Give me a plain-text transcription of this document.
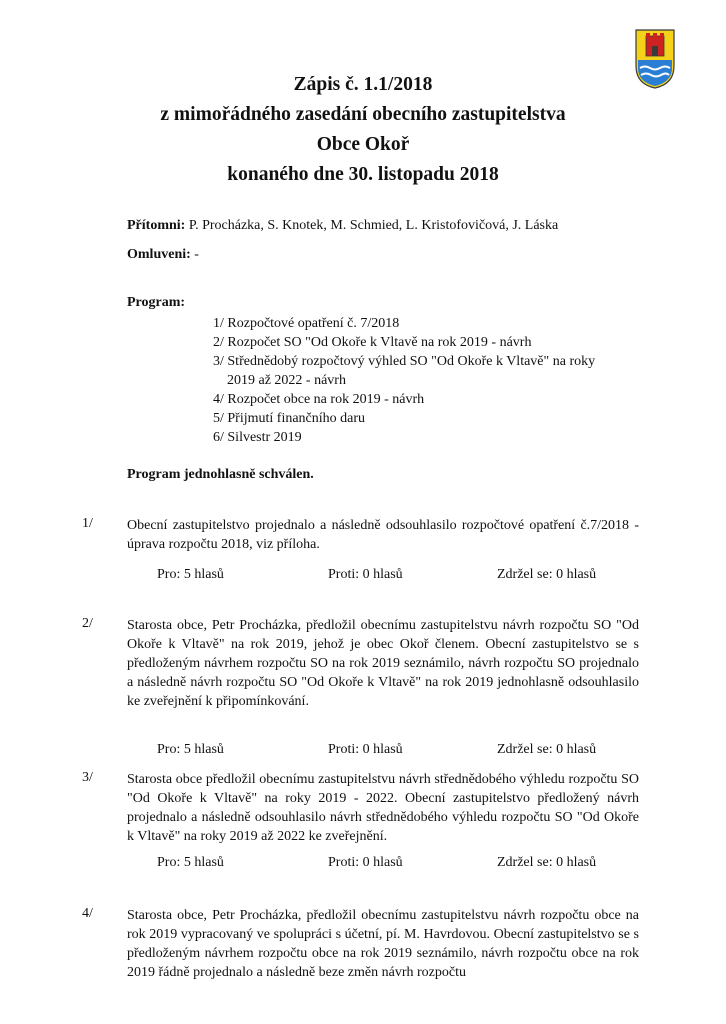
Zápis č. 1.1/2018
z mimořádného zasedání obecního zastupitelstva
Obce Okoř
konaného dne 30. listopadu 2018
Přítomni: P. Procházka, S. Knotek, M. Schmied, L. Kristofovičová, J. Láska
Omluveni: -
Program:
1/ Rozpočtové opatření č. 7/2018
2/ Rozpočet SO "Od Okoře k Vltavě na rok 2019 - návrh
3/ Střednědobý rozpočtový výhled SO "Od Okoře k Vltavě" na roky 2019 až 2022 - návrh
4/ Rozpočet obce na rok 2019 - návrh
5/ Přijmutí finančního daru
6/ Silvestr 2019
Program jednohlasně schválen.
1/ Obecní zastupitelstvo projednalo a následně odsouhlasilo rozpočtové opatření č.7/2018 - úprava rozpočtu 2018, viz příloha.
Pro: 5 hlasů	Proti: 0 hlasů	Zdržel se: 0 hlasů
2/ Starosta obce, Petr Procházka, předložil obecnímu zastupitelstvu návrh rozpočtu SO "Od Okoře k Vltavě" na rok 2019, jehož je obec Okoř členem. Obecní zastupitelstvo se s předloženým návrhem rozpočtu SO na rok 2019 seznámilo, návrh rozpočtu SO projednalo a následně návrh rozpočtu SO "Od Okoře k Vltavě" na rok 2019 jednohlasně odsouhlasilo ke zveřejnění k připomínkování.
Pro: 5 hlasů	Proti: 0 hlasů	Zdržel se: 0 hlasů
3/ Starosta obce předložil obecnímu zastupitelstvu návrh střednědobého výhledu rozpočtu SO "Od Okoře k Vltavě" na roky 2019 - 2022. Obecní zastupitelstvo předložený návrh projednalo a následně odsouhlasilo návrh střednědobého výhledu rozpočtu SO "Od Okoře k Vltavě" na roky 2019 až 2022 ke zveřejnění.
Pro: 5 hlasů	Proti: 0 hlasů	Zdržel se: 0 hlasů
4/ Starosta obce, Petr Procházka, předložil obecnímu zastupitelstvu návrh rozpočtu obce na rok 2019 vypracovaný ve spolupráci s účetní, pí. M. Havrdovou. Obecní zastupitelstvo se s předloženým návrhem rozpočtu obce na rok 2019 seznámilo, návrh rozpočtu obce na rok 2019 řádně projednalo a následně beze změn návrh rozpočtu
